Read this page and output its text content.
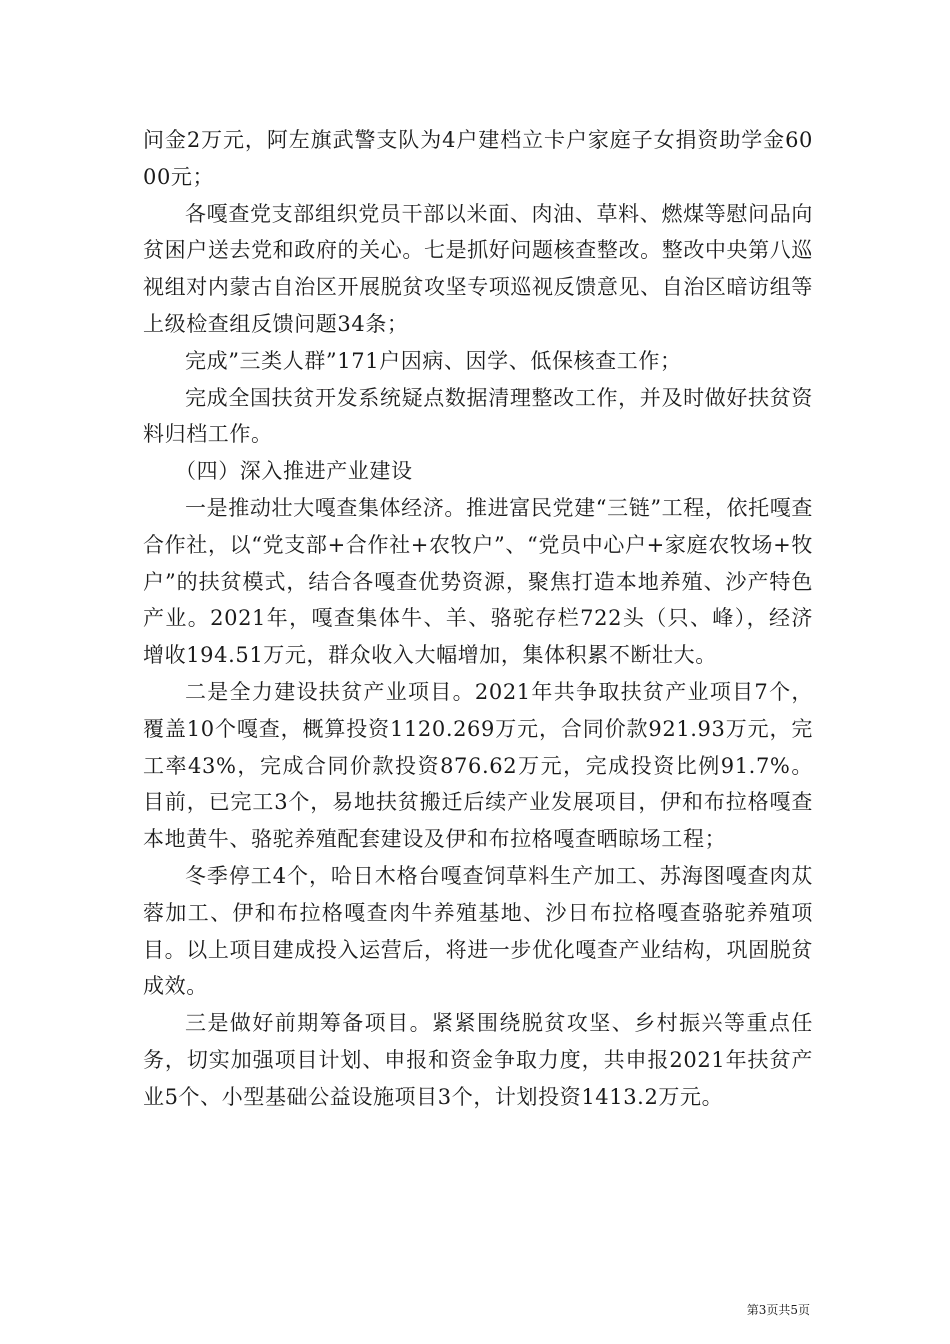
问金2万元，阿左旗武警支队为4户建档立卡户家庭子女捐资助学金6000元；

各嘎查党支部组织党员干部以米面、肉油、草料、燃煤等慰问品向贫困户送去党和政府的关心。七是抓好问题核查整改。整改中央第八巡视组对内蒙古自治区开展脱贫攻坚专项巡视反馈意见、自治区暗访组等上级检查组反馈问题34条；

完成”三类人群”171户因病、因学、低保核查工作；

完成全国扶贫开发系统疑点数据清理整改工作，并及时做好扶贫资料归档工作。

（四）深入推进产业建设

一是推动壮大嘎查集体经济。推进富民党建“三链”工程，依托嘎查合作社，以“党支部+合作社+农牧户”、“党员中心户+家庭农牧场+牧户”的扶贫模式，结合各嘎查优势资源，聚焦打造本地养殖、沙产特色产业。2021年，嘎查集体牛、羊、骆驼存栏722头（只、峰），经济增收194.51万元，群众收入大幅增加，集体积累不断壮大。

二是全力建设扶贫产业项目。2021年共争取扶贫产业项目7个，覆盖10个嘎查，概算投资1120.269万元，合同价款921.93万元，完工率43%，完成合同价款投资876.62万元，完成投资比例91.7%。目前，已完工3个，易地扶贫搬迁后续产业发展项目，伊和布拉格嘎查本地黄牛、骆驼养殖配套建设及伊和布拉格嘎查晒晾场工程；

冬季停工4个，哈日木格台嘎查饲草料生产加工、苏海图嘎查肉苁蓉加工、伊和布拉格嘎查肉牛养殖基地、沙日布拉格嘎查骆驼养殖项目。以上项目建成投入运营后，将进一步优化嘎查产业结构，巩固脱贫成效。

三是做好前期筹备项目。紧紧围绕脱贫攻坚、乡村振兴等重点任务，切实加强项目计划、申报和资金争取力度，共申报2021年扶贫产业5个、小型基础公益设施项目3个，计划投资1413.2万元。

第3页共5页
